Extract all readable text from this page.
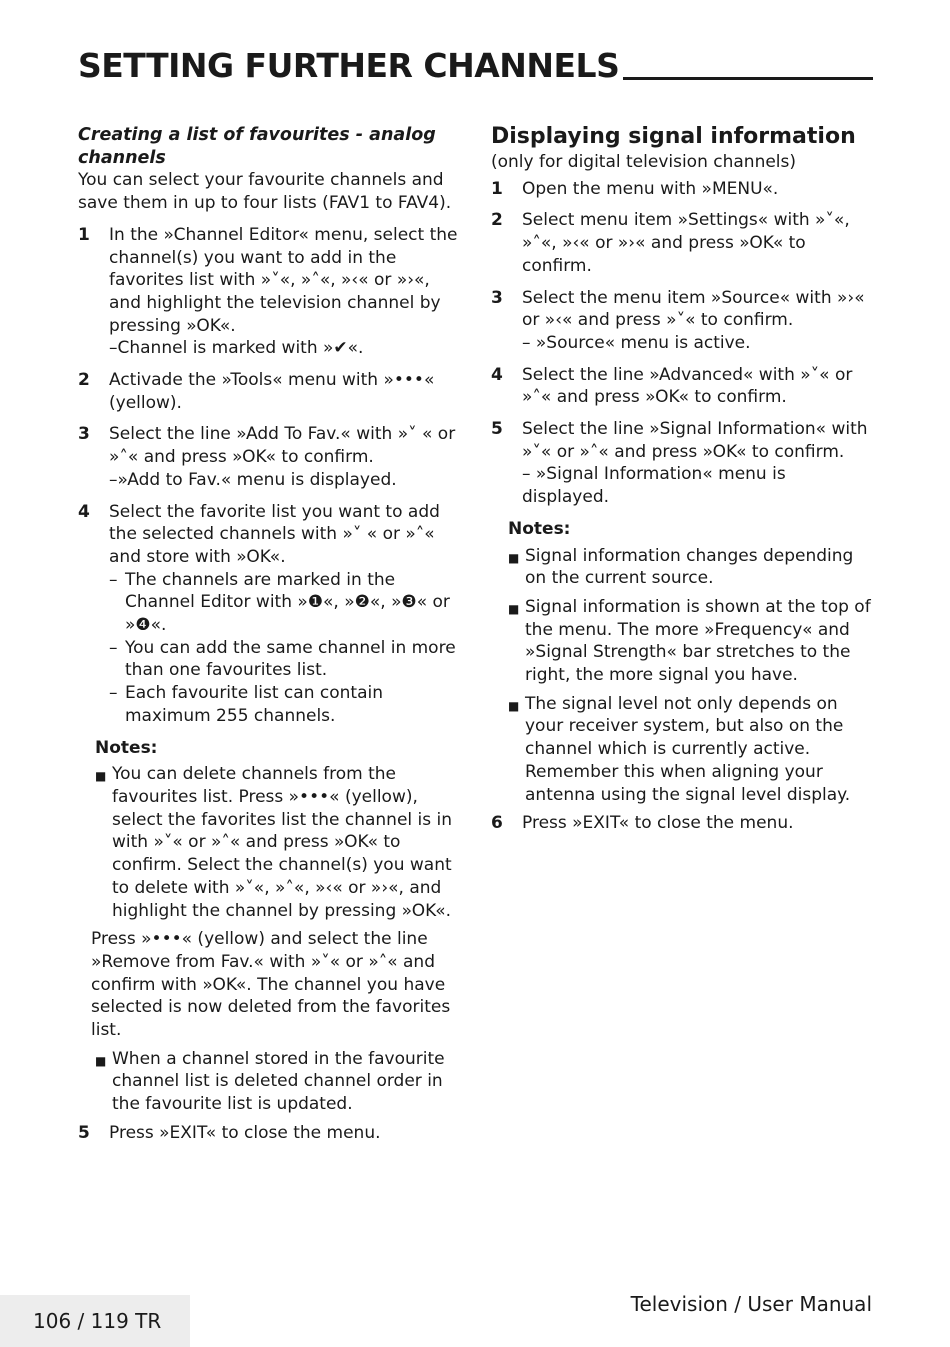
SETTING FURTHER CHANNELS

Creating a list of favourites - analog channels

You can select your favourite channels and save them in up to four lists (FAV1 to FAV4).

1	In the »Channel Editor« menu, select the channel(s) you want to add in the favorites list with »˅«, »˄«, »‹« or »›«, and highlight the television channel by pressing »OK«.

–Channel is marked with »✔«.

2	Activade the »Tools« menu with »•••« (yellow).

3	Select the line »Add To Fav.« with »˅ « or »˄« and press »OK« to confirm.

–»Add to Fav.« menu is displayed.

4	Select the favorite list you want to add the selected channels with »˅ « or »˄« and store with »OK«.

– The channels are marked in the Channel Editor with »❶«, »❷«, »❸« or »❹«.
– You can add the same channel in more than one favourites list.
– Each favourite list can contain maximum 255 channels.

Notes:

■ You can delete channels from the favourites list. Press »•••« (yellow), select the favorites list the channel is in with »˅« or »˄« and press »OK« to confirm. Select the channel(s) you want to delete with »˅«, »˄«, »‹« or »›«, and highlight the channel by pressing »OK«.

Press »•••« (yellow) and select the line »Remove from Fav.« with »˅« or »˄« and confirm with »OK«. The channel you have selected is now deleted from the favorites list.

■ When a channel stored in the favourite channel list is deleted channel order in the favourite list is updated.
5	Press »EXIT« to close the menu.

Displaying signal information

(only for digital television channels)

1	Open the menu with »MENU«.

2	Select menu item »Settings« with »˅«, »˄«, »‹« or »›« and press »OK« to confirm.

3	Select the menu item »Source« with »›« or »‹« and press »˅« to confirm.

– »Source« menu is active.

4	Select the line »Advanced« with »˅« or »˄« and press »OK« to confirm.

5	Select the line »Signal Information« with »˅« or »˄« and press »OK« to confirm.

– »Signal Information« menu is displayed.

Notes:

■ Signal information changes depending on the current source.
■ Signal information is shown at the top of the menu. The more »Frequency« and »Signal Strength« bar stretches to the right, the more signal you have.
■ The signal level not only depends on your receiver system, but also on the channel which is currently active. Remember this when aligning your antenna using the signal level display.
6	Press »EXIT« to close the menu.

106 / 119 TR
Television / User Manual
